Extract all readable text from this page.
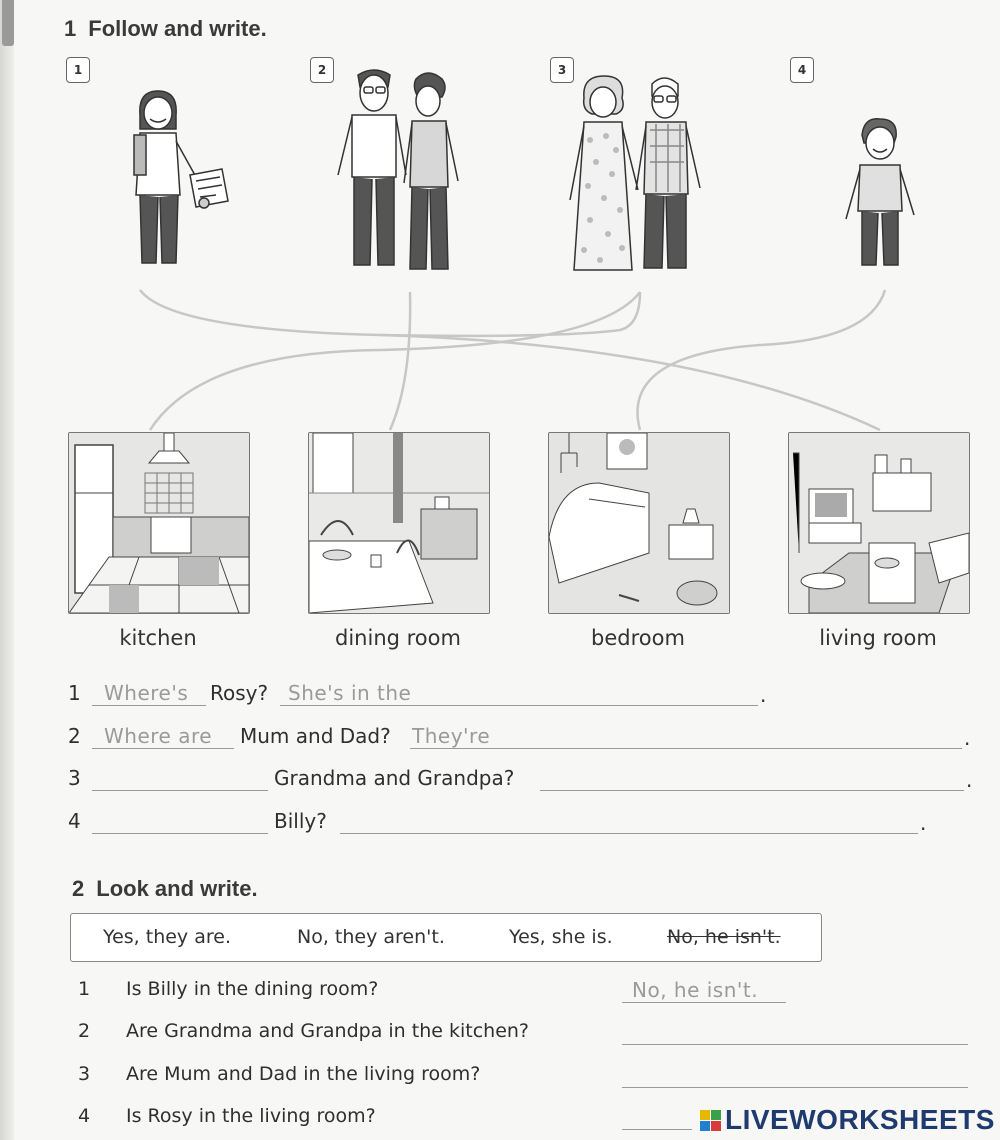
1 Follow and write.
1	2	3	4
kitchen	dining room	bedroom	living room
1 Where's Rosy? She's in the	.
2 Where are Mum and Dad? They're	.
3	Grandma and Grandpa?	.
4	Billy?	.
2 Look and write.
Yes, they are.	No, they aren't.	Yes, she is.	No, he isn't.
1 Is Billy in the dining room?	No, he isn't.
2 Are Grandma and Grandpa in the kitchen?
3 Are Mum and Dad in the living room?
4 Is Rosy in the living room?	LIVEWORKSHEETS
